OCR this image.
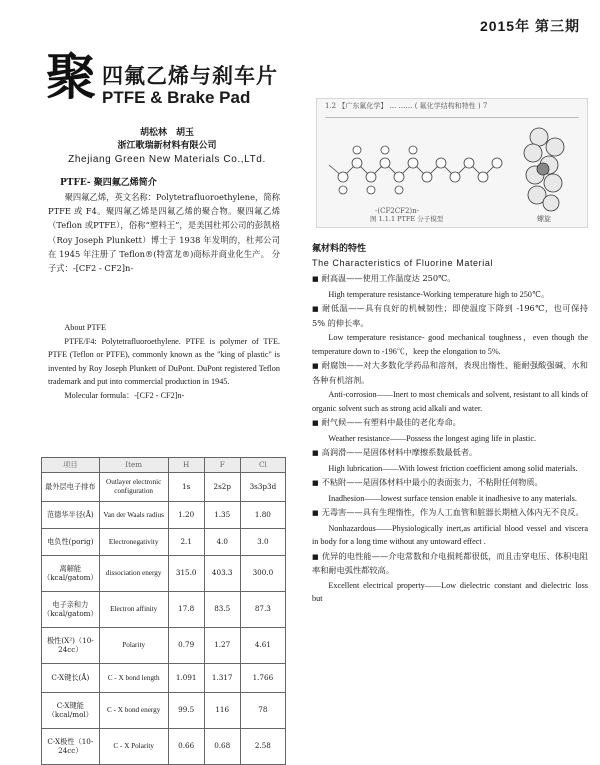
2015年 第三期
聚 四氟乙烯与刹车片
PTFE & Brake Pad
胡松林　胡玉
浙江歌瑞新材料有限公司
Zhejiang Green New Materials Co.,LTd.
PTFE- 聚四氟乙烯简介

聚四氟乙烯，英文名称：Polytetrafluoroethylene，简称 PTFE 或 F4。聚四氟乙烯是四氟乙烯的聚合物。聚四氟乙烯（Teflon 或PTFE），俗称“塑料王”，是美国杜邦公司的彭凯格（Roy Joseph Plunkett）博士于 1938 年发明的，杜邦公司在 1945 年注册了 Teflon®(特富龙®)商标并商业化生产。 分子式：-[CF2 - CF2]n-

About PTFE

PTFE/F4: Polytetrafluoroethylene. PTFE is polymer of TFE. PTFE (Teflon or PTFE), commonly known as the "king of plastic" is invented by Roy Joseph Plunkett of DuPont. DuPont registered Teflon trademark and put into commercial production in 1945.

Molecular formula：-[CF2 - CF2]n-

1.2 【广东氟化学】 ... …… ( 氟化学结构和特性 ) 7
-(CF2CF2)n-
螺旋
图 1.1.1 PTFE 分子模型
氟材料的特性
The Characteristics of Fluorine Material

■ 耐高温——使用工作温度达 250℃。

High temperature resistance-Working temperature high to 250℃。

■ 耐低温——具有良好的机械韧性；即使温度下降到 -196℃，也可保持 5% 的伸长率。

Low temperature resistance- good mechanical toughness，even though the temperature down to -196℃，keep the elongation to 5%.

■ 耐腐蚀——对大多数化学药品和溶剂，表现出惰性、能耐强酸强碱、水和各种有机溶剂。

Anti-corrosion——Inert to most chemicals and solvent, resistant to all kinds of organic solvent such as strong acid alkali and water.

■ 耐气候——有塑料中最佳的老化寿命。

Weather resistance——Possess the longest aging life in plastic.

■ 高润滑——是固体材料中摩擦系数最低者。

High lubrication——With lowest friction coefficient among solid materials.

■ 不粘附——是固体材料中最小的表面张力，不粘附任何物质。

Inadhesion——lowest surface tension enable it inadhesive to any materials.

■ 无毒害——具有生理惰性，作为人工血管和脏器长期植入体内无不良反。

Nonhazardous——Physiologically inert,as artificial blood vessel and viscera in body for a long time without any untoward effect .

■ 优异的电性能——介电常数和介电损耗都很低，而且击穿电压、体积电阻率和耐电弧性都较高。

Excellent electrical property——Low dielectric constant and dielectric loss but

项目	Item	H	F	Cl
最外层电子排布	Outlayer electronic configuration	1s	2s2p	3s3p3d
范德华半径(Å)	Van der Waals radius	1.20	1.35	1.80
电负性(porig)	Electronegativity	2.1	4.0	3.0
离解能（kcal/gatom）	dissociation energy	315.0	403.3	300.0
电子亲和力（kcal/gatom）	Electron affinity	17.8	83.5	87.3
极性(X²)（10-24cc）	Polarity	0.79	1.27	4.61
C-X键长(Å)	C - X bond length	1.091	1.317	1.766
C-X键能（kcal/mol）	C - X bond energy	99.5	116	78
C-X极性（10-24cc）	C - X Polarity	0.66	0.68	2.58
